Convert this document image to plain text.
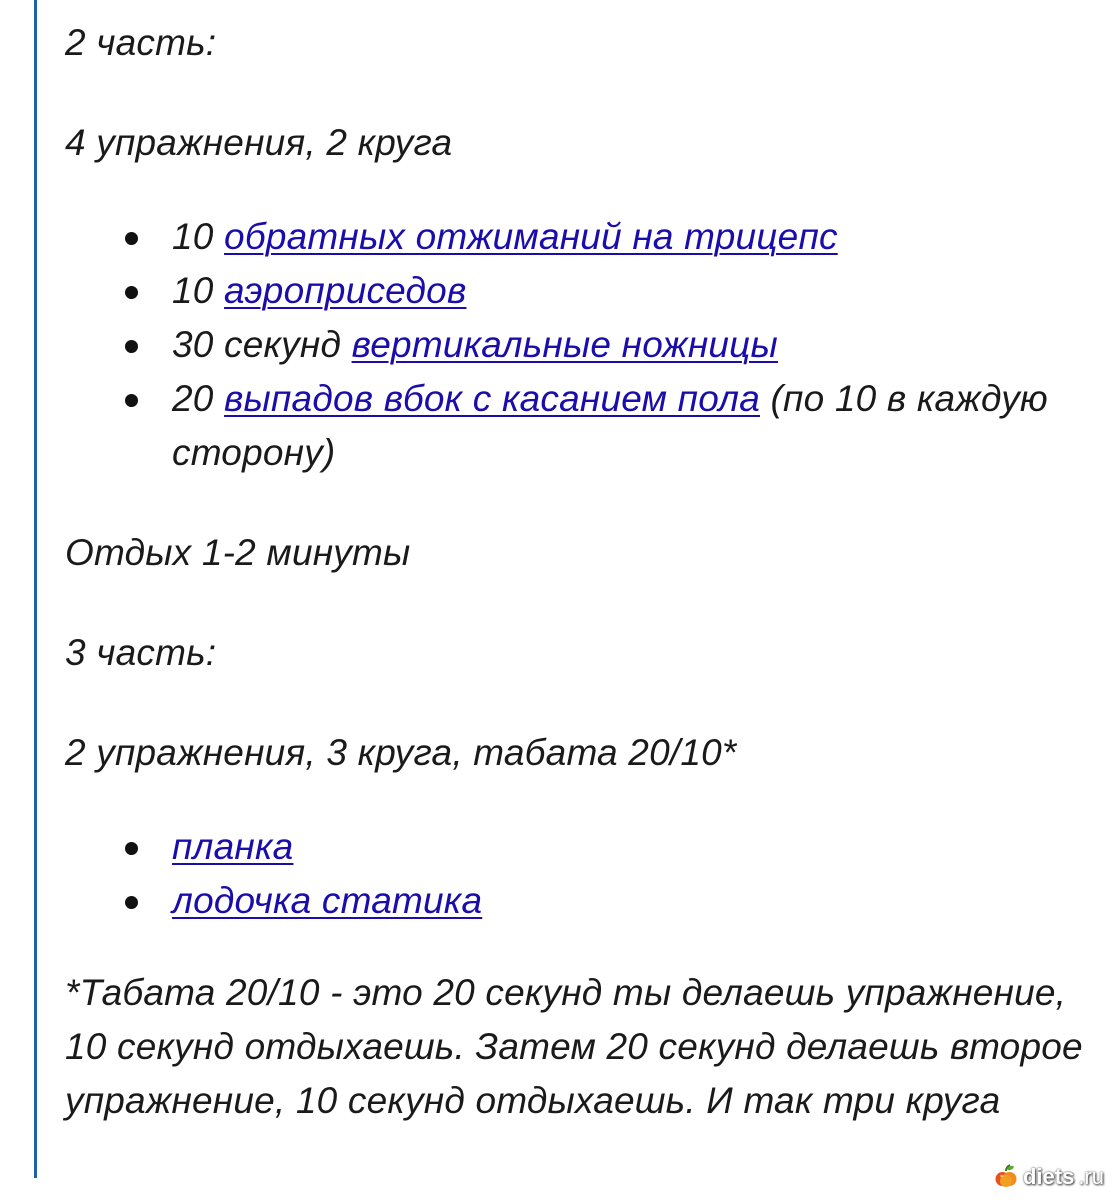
2 часть:

4 упражнения, 2 круга

10 обратных отжиманий на трицепс
10 аэроприседов
30 секунд вертикальные ножницы
20 выпадов вбок с касанием пола (по 10 в каждую сторону)

Отдых 1-2 минуты

3 часть:

2 упражнения, 3 круга, табата 20/10*

планка
лодочка статика

*Табата 20/10 - это 20 секунд ты делаешь упражнение, 10 секунд отдыхаешь. Затем 20 секунд делаешь второе упражнение, 10 секунд отдыхаешь. И так три круга

diets .ru
